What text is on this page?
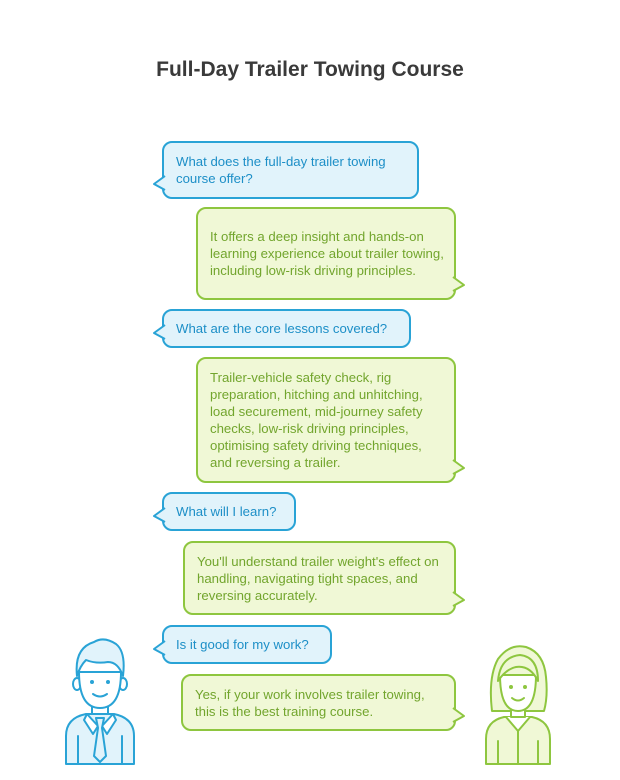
Full-Day Trailer Towing Course
What does the full-day trailer towing course offer?
It offers a deep insight and hands-on learning experience about trailer towing, including low-risk driving principles.
What are the core lessons covered?
Trailer-vehicle safety check, rig preparation, hitching and unhitching, load securement, mid-journey safety checks, low-risk driving principles, optimising safety driving techniques, and reversing a trailer.
What will I learn?
You'll understand trailer weight's effect on handling, navigating tight spaces, and reversing accurately.
Is it good for my work?
Yes, if your work involves trailer towing, this is the best training course.
